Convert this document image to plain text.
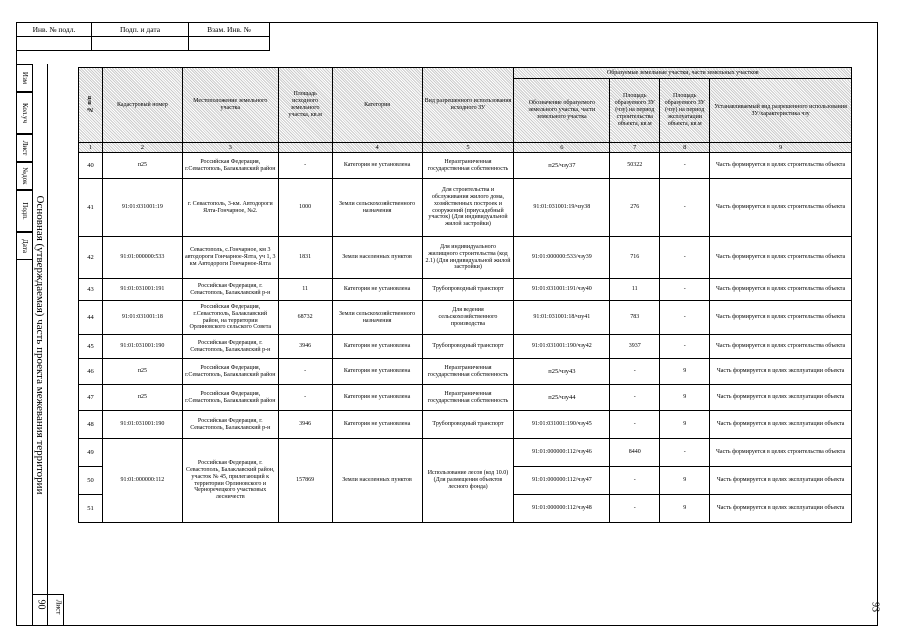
Инв. № подл.	Подп. и дата	Взам. Инв. №

Изм
Кол.уч
Лист
№док
Подп.
Дата Основная (утверждаемая) часть проекта межевания территории
90 Лист
№ п/п	Кадастровый номер	Местоположение земельного участка	Площадь исходного земельного участка, кв.м	Категория	Вид разрешенного использования исходного ЗУ	Образуемые земельные участки, части земельных участков			
						Обозначение образуемого земельного участка, части земельного участка	Площадь образуемого ЗУ (чзу) на период строительства объекта, кв.м	Площадь образуемого ЗУ (чзу) на период эксплуатации объекта, кв.м	Устанавливаемый вид разрешенного использования ЗУ/характеристика чзу
1	2	3		4	5	6	7	8	9
40	п25	Российская Федерация, г.Севастополь, Балаклавский район	-	Категория не установлена	Неразграниченная государственная собственность	п25/чзу37	50322	-	Часть формируется в целях строительства объекта
41	91:01:031001:19	г. Севастополь, 3-км. Автодороги Ялта-Гончарное, №2.	1000	Земли сельскохозяйственного назначения	Для строительства и обслуживания жилого дома, хозяйственных построек и сооружений (приусадебный участок) (Для индивидуальной жилой застройки)	91:01:031001:19/чзу38	276	-	Часть формируется в целях строительства объекта
42	91:01:000000:533	Севастополь, с.Гончарное, км 3 автодороги Гончарное-Ялта, уч 1, 3 км Автодороги Гончарное-Ялта	1831	Земли населенных пунктов	Для индивидуального жилищного строительства (код 2.1) (Для индивидуальной жилой застройки)	91:01:000000:533/чзу39	716	-	Часть формируется в целях строительства объекта
43	91:01:031001:191	Российская Федерация, г. Севастополь, Балаклавский р-н	11	Категория не установлена	Трубопроводный транспорт	91:01:031001:191/чзу40	11	-	Часть формируется в целях строительства объекта
44	91:01:031001:18	Российская Федерация, г.Севастополь, Балаклавский район, на территории Орлиновского сельского Совета	68732	Земли сельскохозяйственного назначения	Для ведения сельскохозяйственного производства	91:01:031001:18/чзу41	783	-	Часть формируется в целях строительства объекта
45	91:01:031001:190	Российская Федерация, г. Севастополь, Балаклавский р-н	3946	Категория не установлена	Трубопроводный транспорт	91:01:031001:190/чзу42	3937	-	Часть формируется в целях строительства объекта
46	п25	Российская Федерация, г.Севастополь, Балаклавский район	-	Категория не установлена	Неразграниченная государственная собственность	п25/чзу43	-	9	Часть формируется в целях эксплуатации объекта
47	п25	Российская Федерация, г.Севастополь, Балаклавский район	-	Категория не установлена	Неразграниченная государственная собственность	п25/чзу44	-	9	Часть формируется в целях эксплуатации объекта
48	91:01:031001:190	Российская Федерация, г. Севастополь, Балаклавский р-н	3946	Категория не установлена	Трубопроводный транспорт	91:01:031001:190/чзу45	-	9	Часть формируется в целях эксплуатации объекта
49	91:01:000000:112	Российская Федерация, г. Севастополь, Балаклавский район, участок № 45, прилегающий к территории Орлиновского и Черноречецкого участковых лесничеств	157869	Земли населенных пунктов	Использование лесов (код 10.0) (Для размещения объектов лесного фонда)	91:01:000000:112/чзу46	8440	-	Часть формируется в целях строительства объекта
50						91:01:000000:112/чзу47	-	9	Часть формируется в целях эксплуатации объекта
51						91:01:000000:112/чзу48	-	9	Часть формируется в целях эксплуатации объекта
93
